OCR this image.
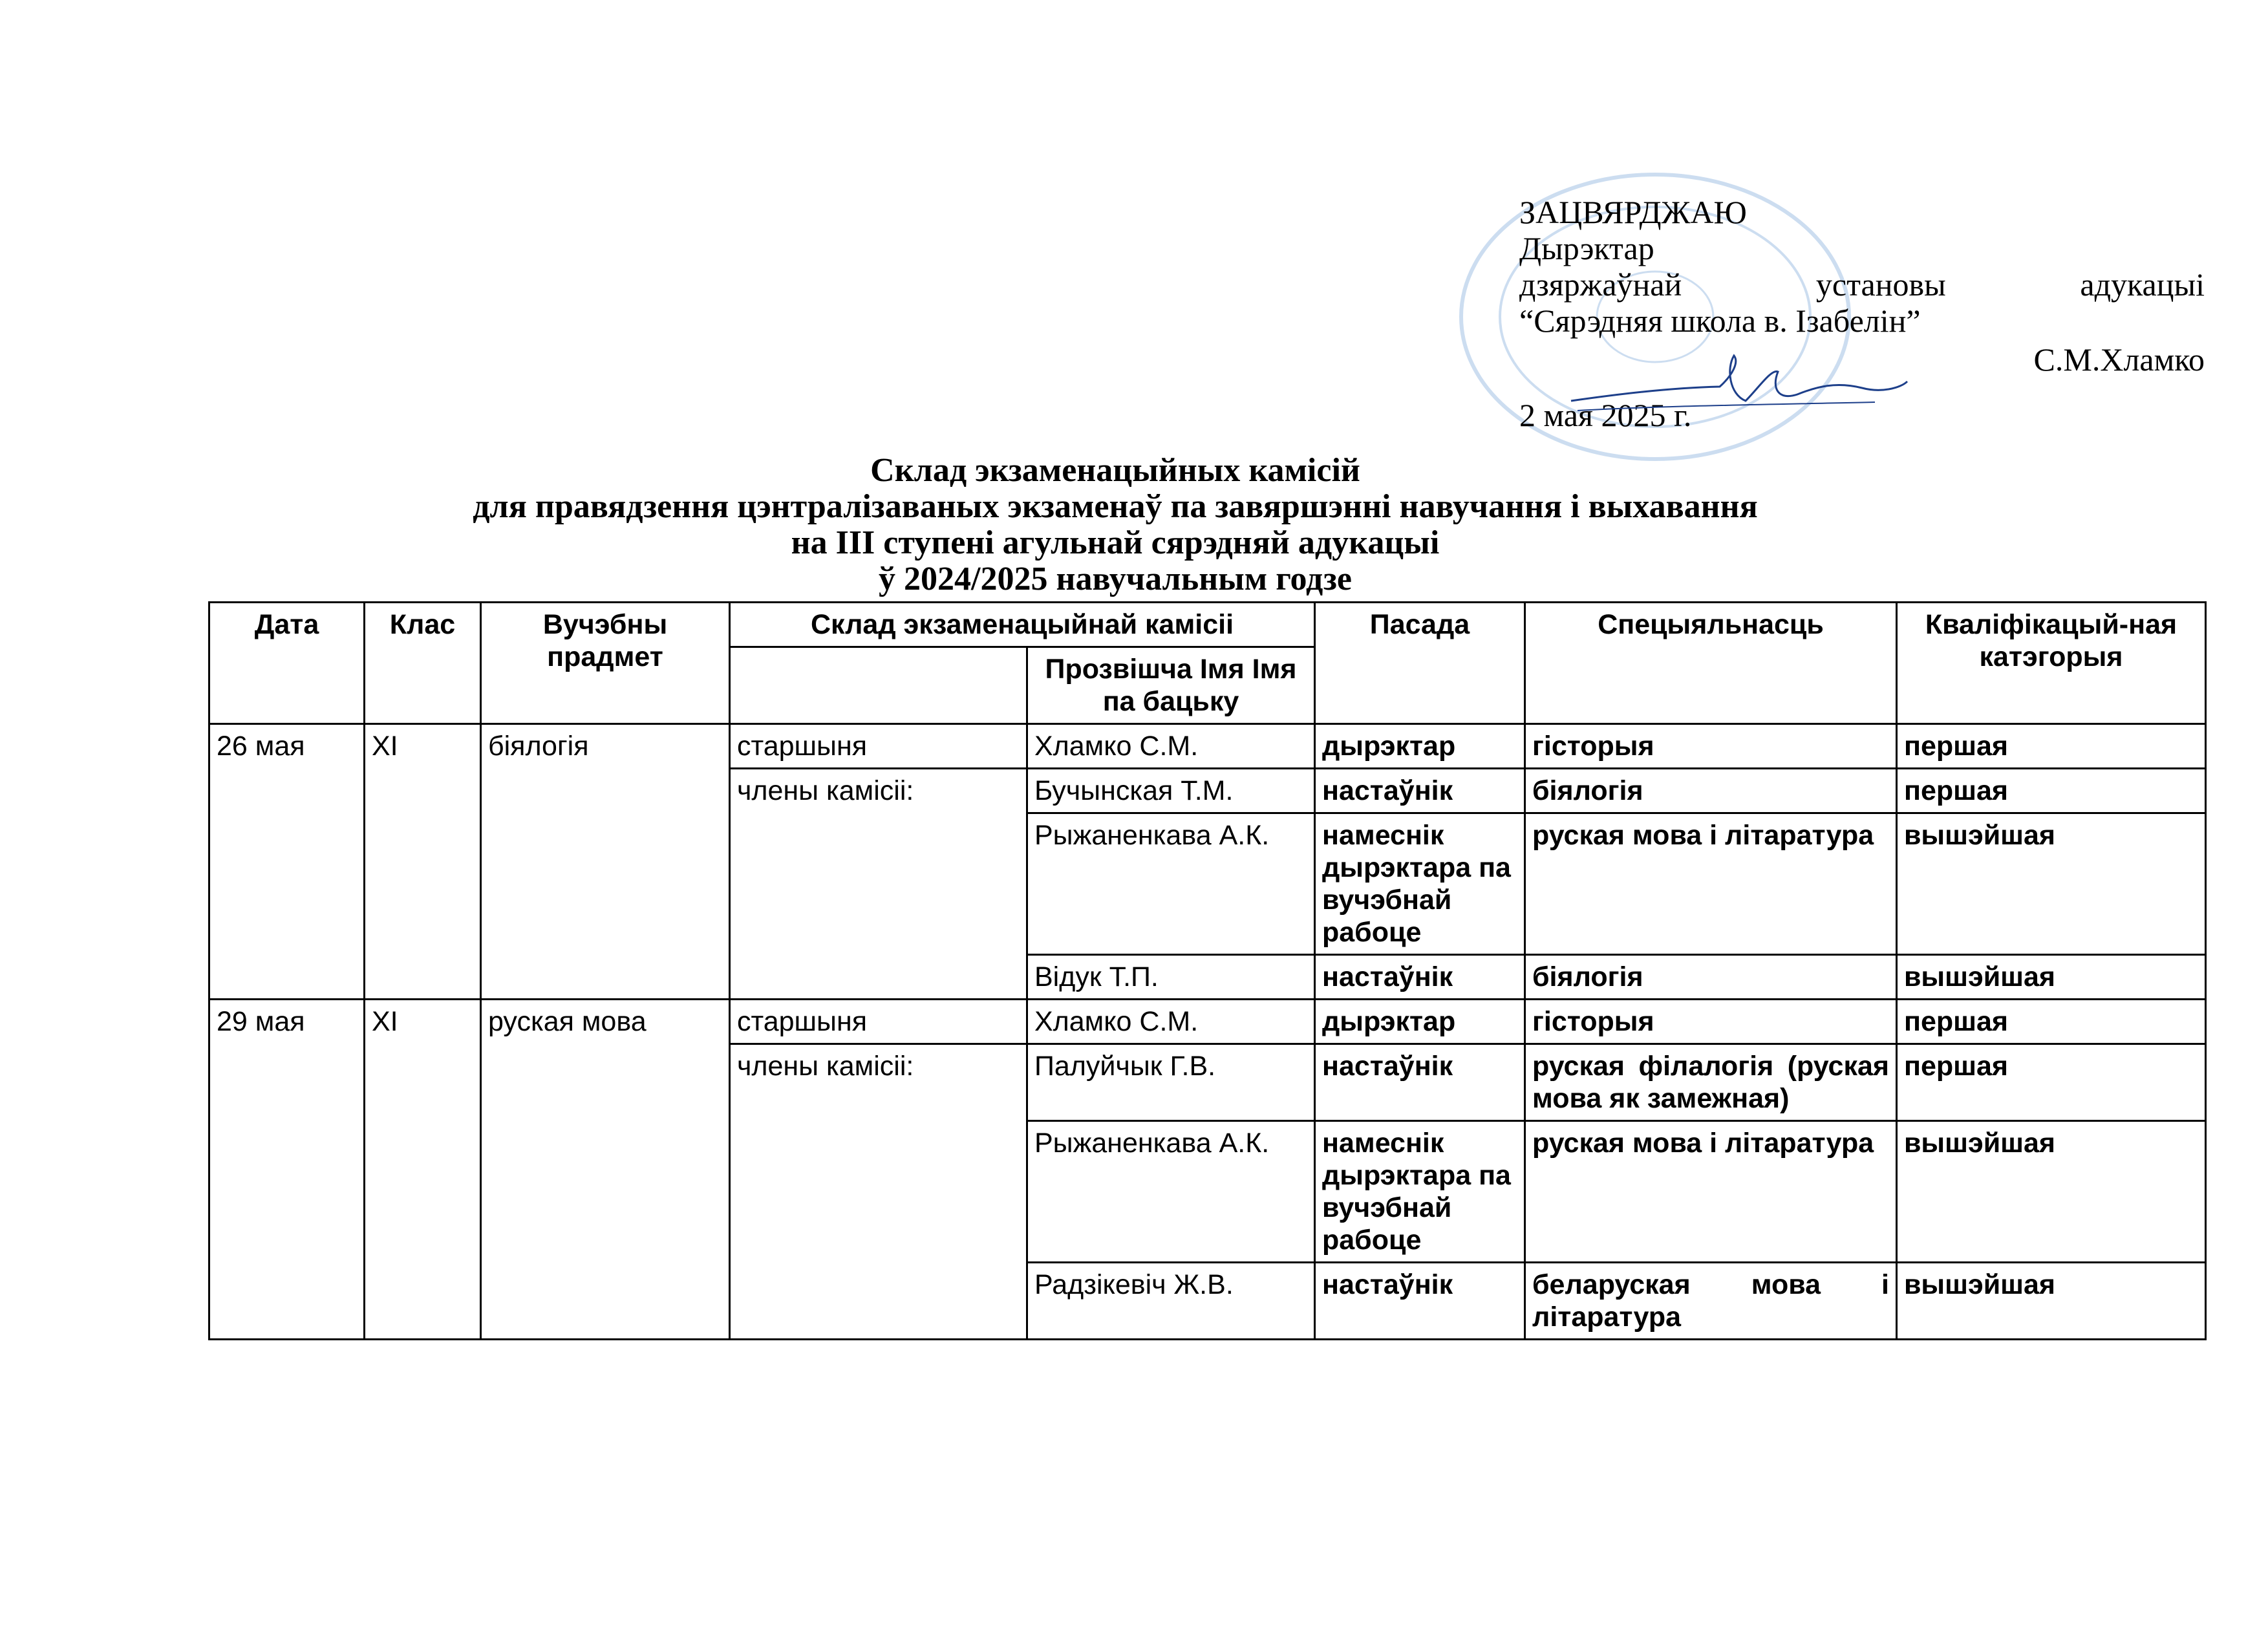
ЗАЦВЯРДЖАЮ
Дырэктар
дзяржаўнай	установы	адукацыі
“Сярэдняя школа в. Ізабелін”
С.М.Хламко
2 мая 2025 г.
Склад экзаменацыйных камісій
для правядзення цэнтралізаваных экзаменаў па завяршэнні навучання і выхавання
на ІІІ ступені агульнай сярэдняй адукацыі
ў 2024/2025 навучальным годзе
Дата	Клас	Вучэбны прадмет	Склад экзаменацыйнай камісіі		Пасада	Спецыяльнасць	Кваліфікацый-ная катэгорыя
				Прозвішча Імя Імя па бацьку			
26 мая	XI	біялогія	старшыня	Хламко С.М.	дырэктар	гісторыя	першая
			члены камісіі:	Бучынская Т.М.	настаўнік	біялогія	першая
				Рыжаненкава А.К.	намеснік дырэктара па вучэбнай рабоце	руская мова і літаратура	вышэйшая
				Відук Т.П.	настаўнік	біялогія	вышэйшая
29 мая	XI	руская мова	старшыня	Хламко С.М.	дырэктар	гісторыя	першая
			члены камісіі:	Палуйчык Г.В.	настаўнік	руская філалогія (руская мова як замежная)	першая
				Рыжаненкава А.К.	намеснік дырэктара па вучэбнай рабоце	руская мова і літаратура	вышэйшая
				Радзікевіч Ж.В.	настаўнік	беларуская мова і літаратура	вышэйшая
